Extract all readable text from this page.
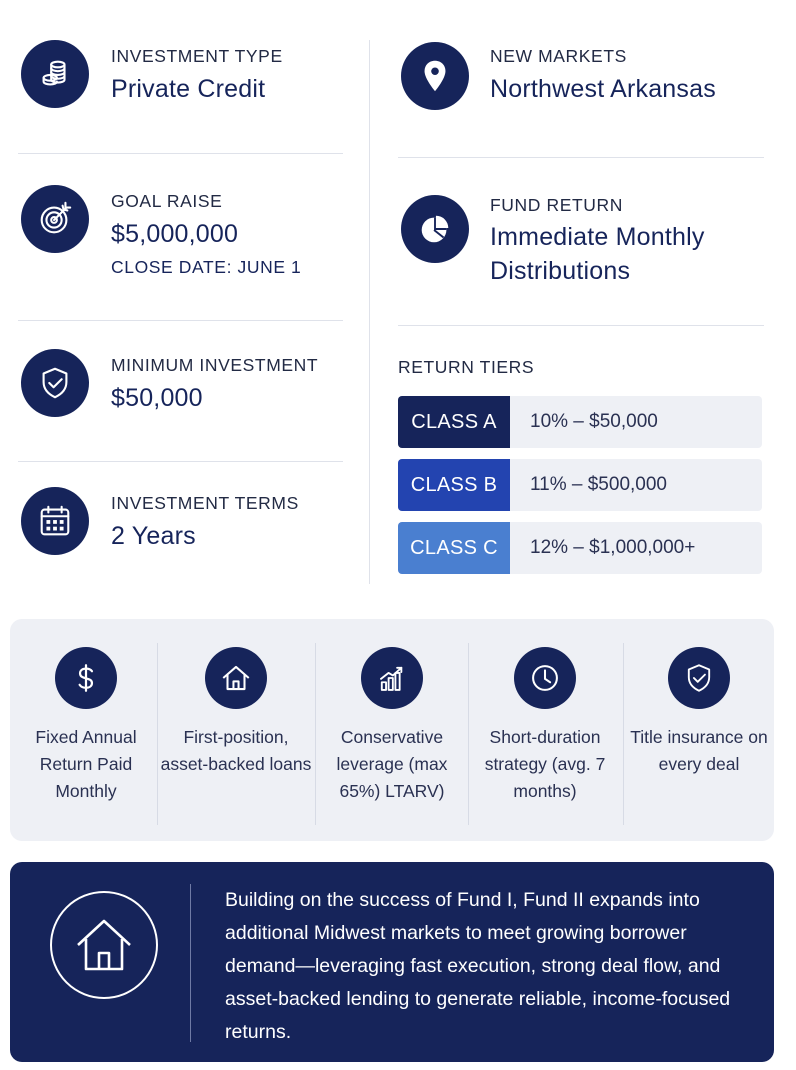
INVESTMENT TYPE
Private Credit
GOAL RAISE
$5,000,000
CLOSE DATE: JUNE 1
MINIMUM INVESTMENT
$50,000
INVESTMENT TERMS
2 Years
NEW MARKETS
Northwest Arkansas
FUND RETURN
Immediate Monthly Distributions
RETURN TIERS
CLASS A	10% – $50,000
CLASS B	11% – $500,000
CLASS C	12% – $1,000,000+
Fixed Annual Return Paid Monthly
First-position, asset-backed loans
Conservative leverage (max 65%) LTARV)
Short-duration strategy (avg. 7 months)
Title insurance on every deal
Building on the success of Fund I, Fund II expands into additional Midwest markets to meet growing borrower demand—leveraging fast execution, strong deal flow, and asset-backed lending to generate reliable, income-focused returns.
